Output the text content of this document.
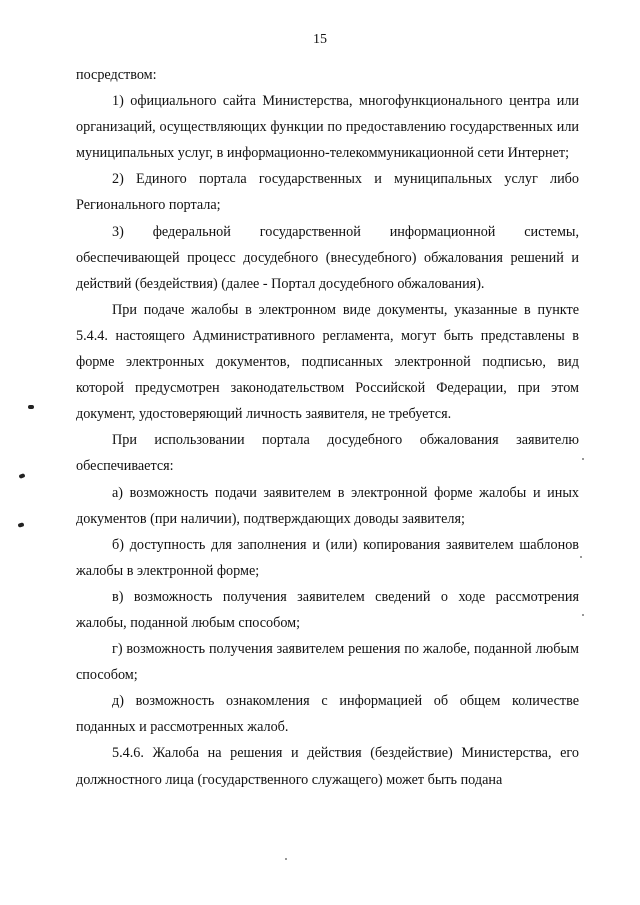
15

посредством:

1) официального сайта Министерства, многофункционального центра или организаций, осуществляющих функции по предоставлению государственных или муниципальных услуг, в информационно-телекоммуникационной сети Интернет;

2) Единого портала государственных и муниципальных услуг либо Регионального портала;

3) федеральной государственной информационной системы, обеспечивающей процесс досудебного (внесудебного) обжалования решений и действий (бездействия) (далее - Портал досудебного обжалования).

При подаче жалобы в электронном виде документы, указанные в пункте 5.4.4. настоящего Административного регламента, могут быть представлены в форме электронных документов, подписанных электронной подписью, вид которой предусмотрен законодательством Российской Федерации, при этом документ, удостоверяющий личность заявителя, не требуется.

При использовании портала досудебного обжалования заявителю обеспечивается:

а) возможность подачи заявителем в электронной форме жалобы и иных документов (при наличии), подтверждающих доводы заявителя;

б) доступность для заполнения и (или) копирования заявителем шаблонов жалобы в электронной форме;

в) возможность получения заявителем сведений о ходе рассмотрения жалобы, поданной любым способом;

г) возможность получения заявителем решения по жалобе, поданной любым способом;

д) возможность ознакомления с информацией об общем количестве поданных и рассмотренных жалоб.

5.4.6. Жалоба на решения и действия (бездействие) Министерства, его должностного лица (государственного служащего) может быть подана
